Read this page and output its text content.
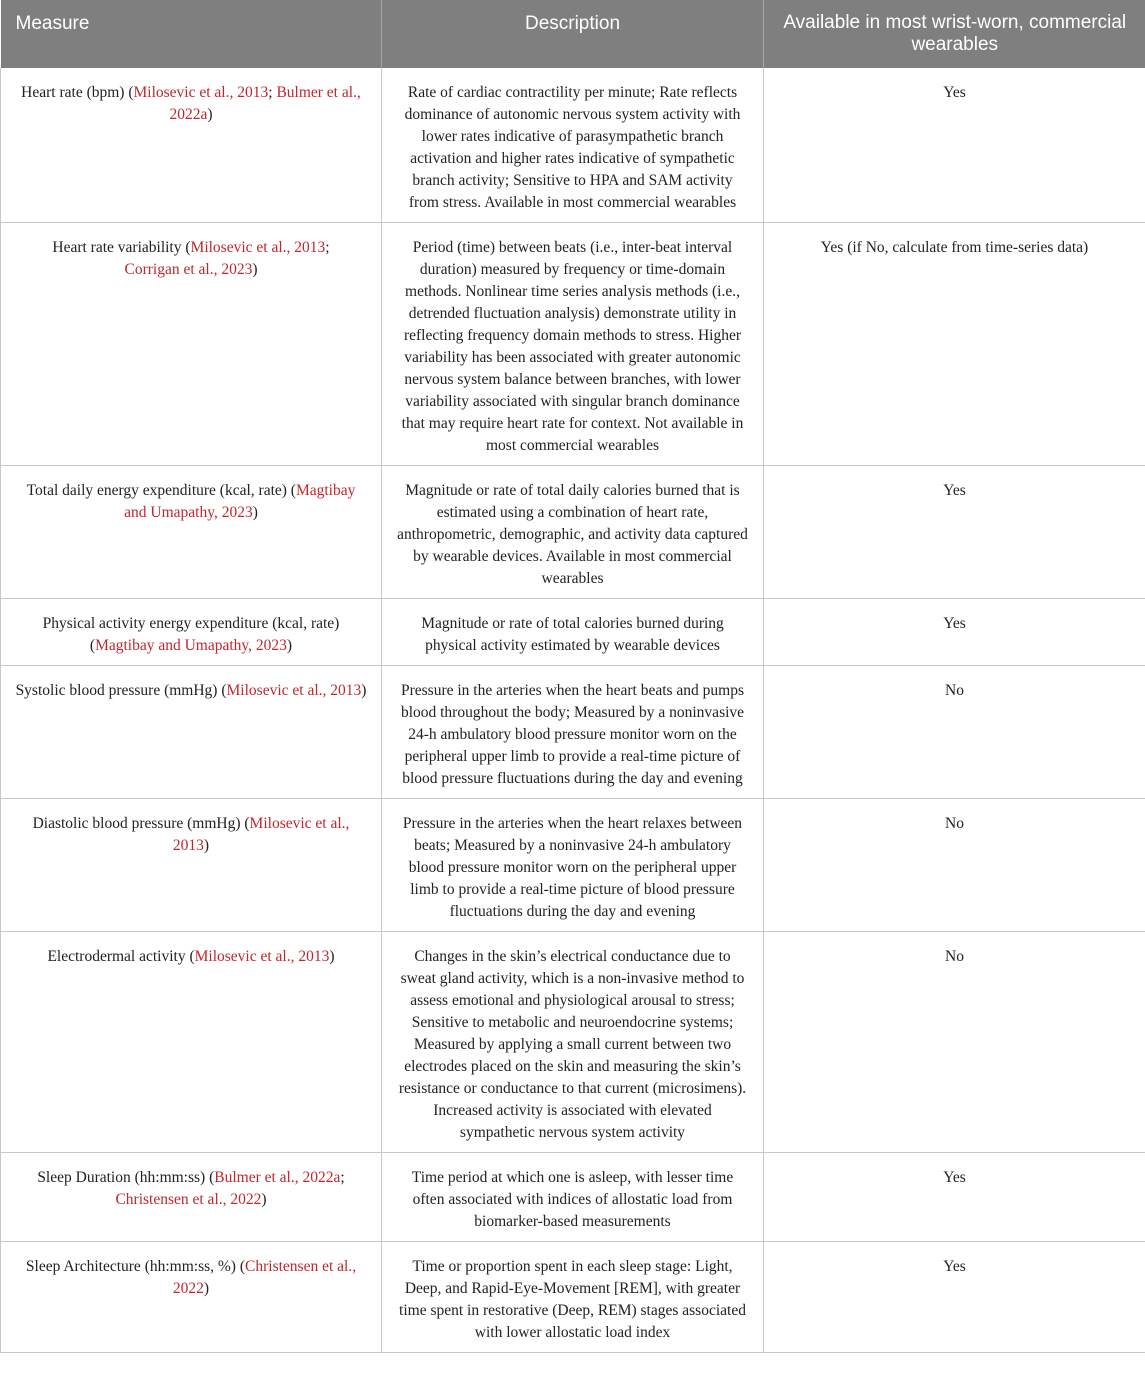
Measure	Description	Available in most wrist-worn, commercial wearables
Heart rate (bpm) (Milosevic et al., 2013; Bulmer et al., 2022a)	Rate of cardiac contractility per minute; Rate reflects dominance of autonomic nervous system activity with lower rates indicative of parasympathetic branch activation and higher rates indicative of sympathetic branch activity; Sensitive to HPA and SAM activity from stress. Available in most commercial wearables	Yes
Heart rate variability (Milosevic et al., 2013;
Corrigan et al., 2023)	Period (time) between beats (i.e., inter-beat interval duration) measured by frequency or time-domain methods. Nonlinear time series analysis methods (i.e., detrended fluctuation analysis) demonstrate utility in reflecting frequency domain methods to stress. Higher variability has been associated with greater autonomic nervous system balance between branches, with lower variability associated with singular branch dominance that may require heart rate for context. Not available in most commercial wearables	Yes (if No, calculate from time-series data)
Total daily energy expenditure (kcal, rate) (Magtibay and Umapathy, 2023)	Magnitude or rate of total daily calories burned that is estimated using a combination of heart rate, anthropometric, demographic, and activity data captured by wearable devices. Available in most commercial wearables	Yes
Physical activity energy expenditure (kcal, rate) (Magtibay and Umapathy, 2023)	Magnitude or rate of total calories burned during physical activity estimated by wearable devices	Yes
Systolic blood pressure (mmHg) (Milosevic et al., 2013)	Pressure in the arteries when the heart beats and pumps blood throughout the body; Measured by a noninvasive 24-h ambulatory blood pressure monitor worn on the peripheral upper limb to provide a real-time picture of blood pressure fluctuations during the day and evening	No
Diastolic blood pressure (mmHg) (Milosevic et al., 2013)	Pressure in the arteries when the heart relaxes between beats; Measured by a noninvasive 24-h ambulatory blood pressure monitor worn on the peripheral upper limb to provide a real-time picture of blood pressure fluctuations during the day and evening	No
Electrodermal activity (Milosevic et al., 2013)	Changes in the skin’s electrical conductance due to sweat gland activity, which is a non-invasive method to assess emotional and physiological arousal to stress; Sensitive to metabolic and neuroendocrine systems; Measured by applying a small current between two electrodes placed on the skin and measuring the skin’s resistance or conductance to that current (microsimens). Increased activity is associated with elevated sympathetic nervous system activity	No
Sleep Duration (hh:mm:ss) (Bulmer et al., 2022a;
Christensen et al., 2022)	Time period at which one is asleep, with lesser time often associated with indices of allostatic load from biomarker-based measurements	Yes
Sleep Architecture (hh:mm:ss, %) (Christensen et al., 2022)	Time or proportion spent in each sleep stage: Light, Deep, and Rapid-Eye-Movement [REM], with greater time spent in restorative (Deep, REM) stages associated with lower allostatic load index	Yes
